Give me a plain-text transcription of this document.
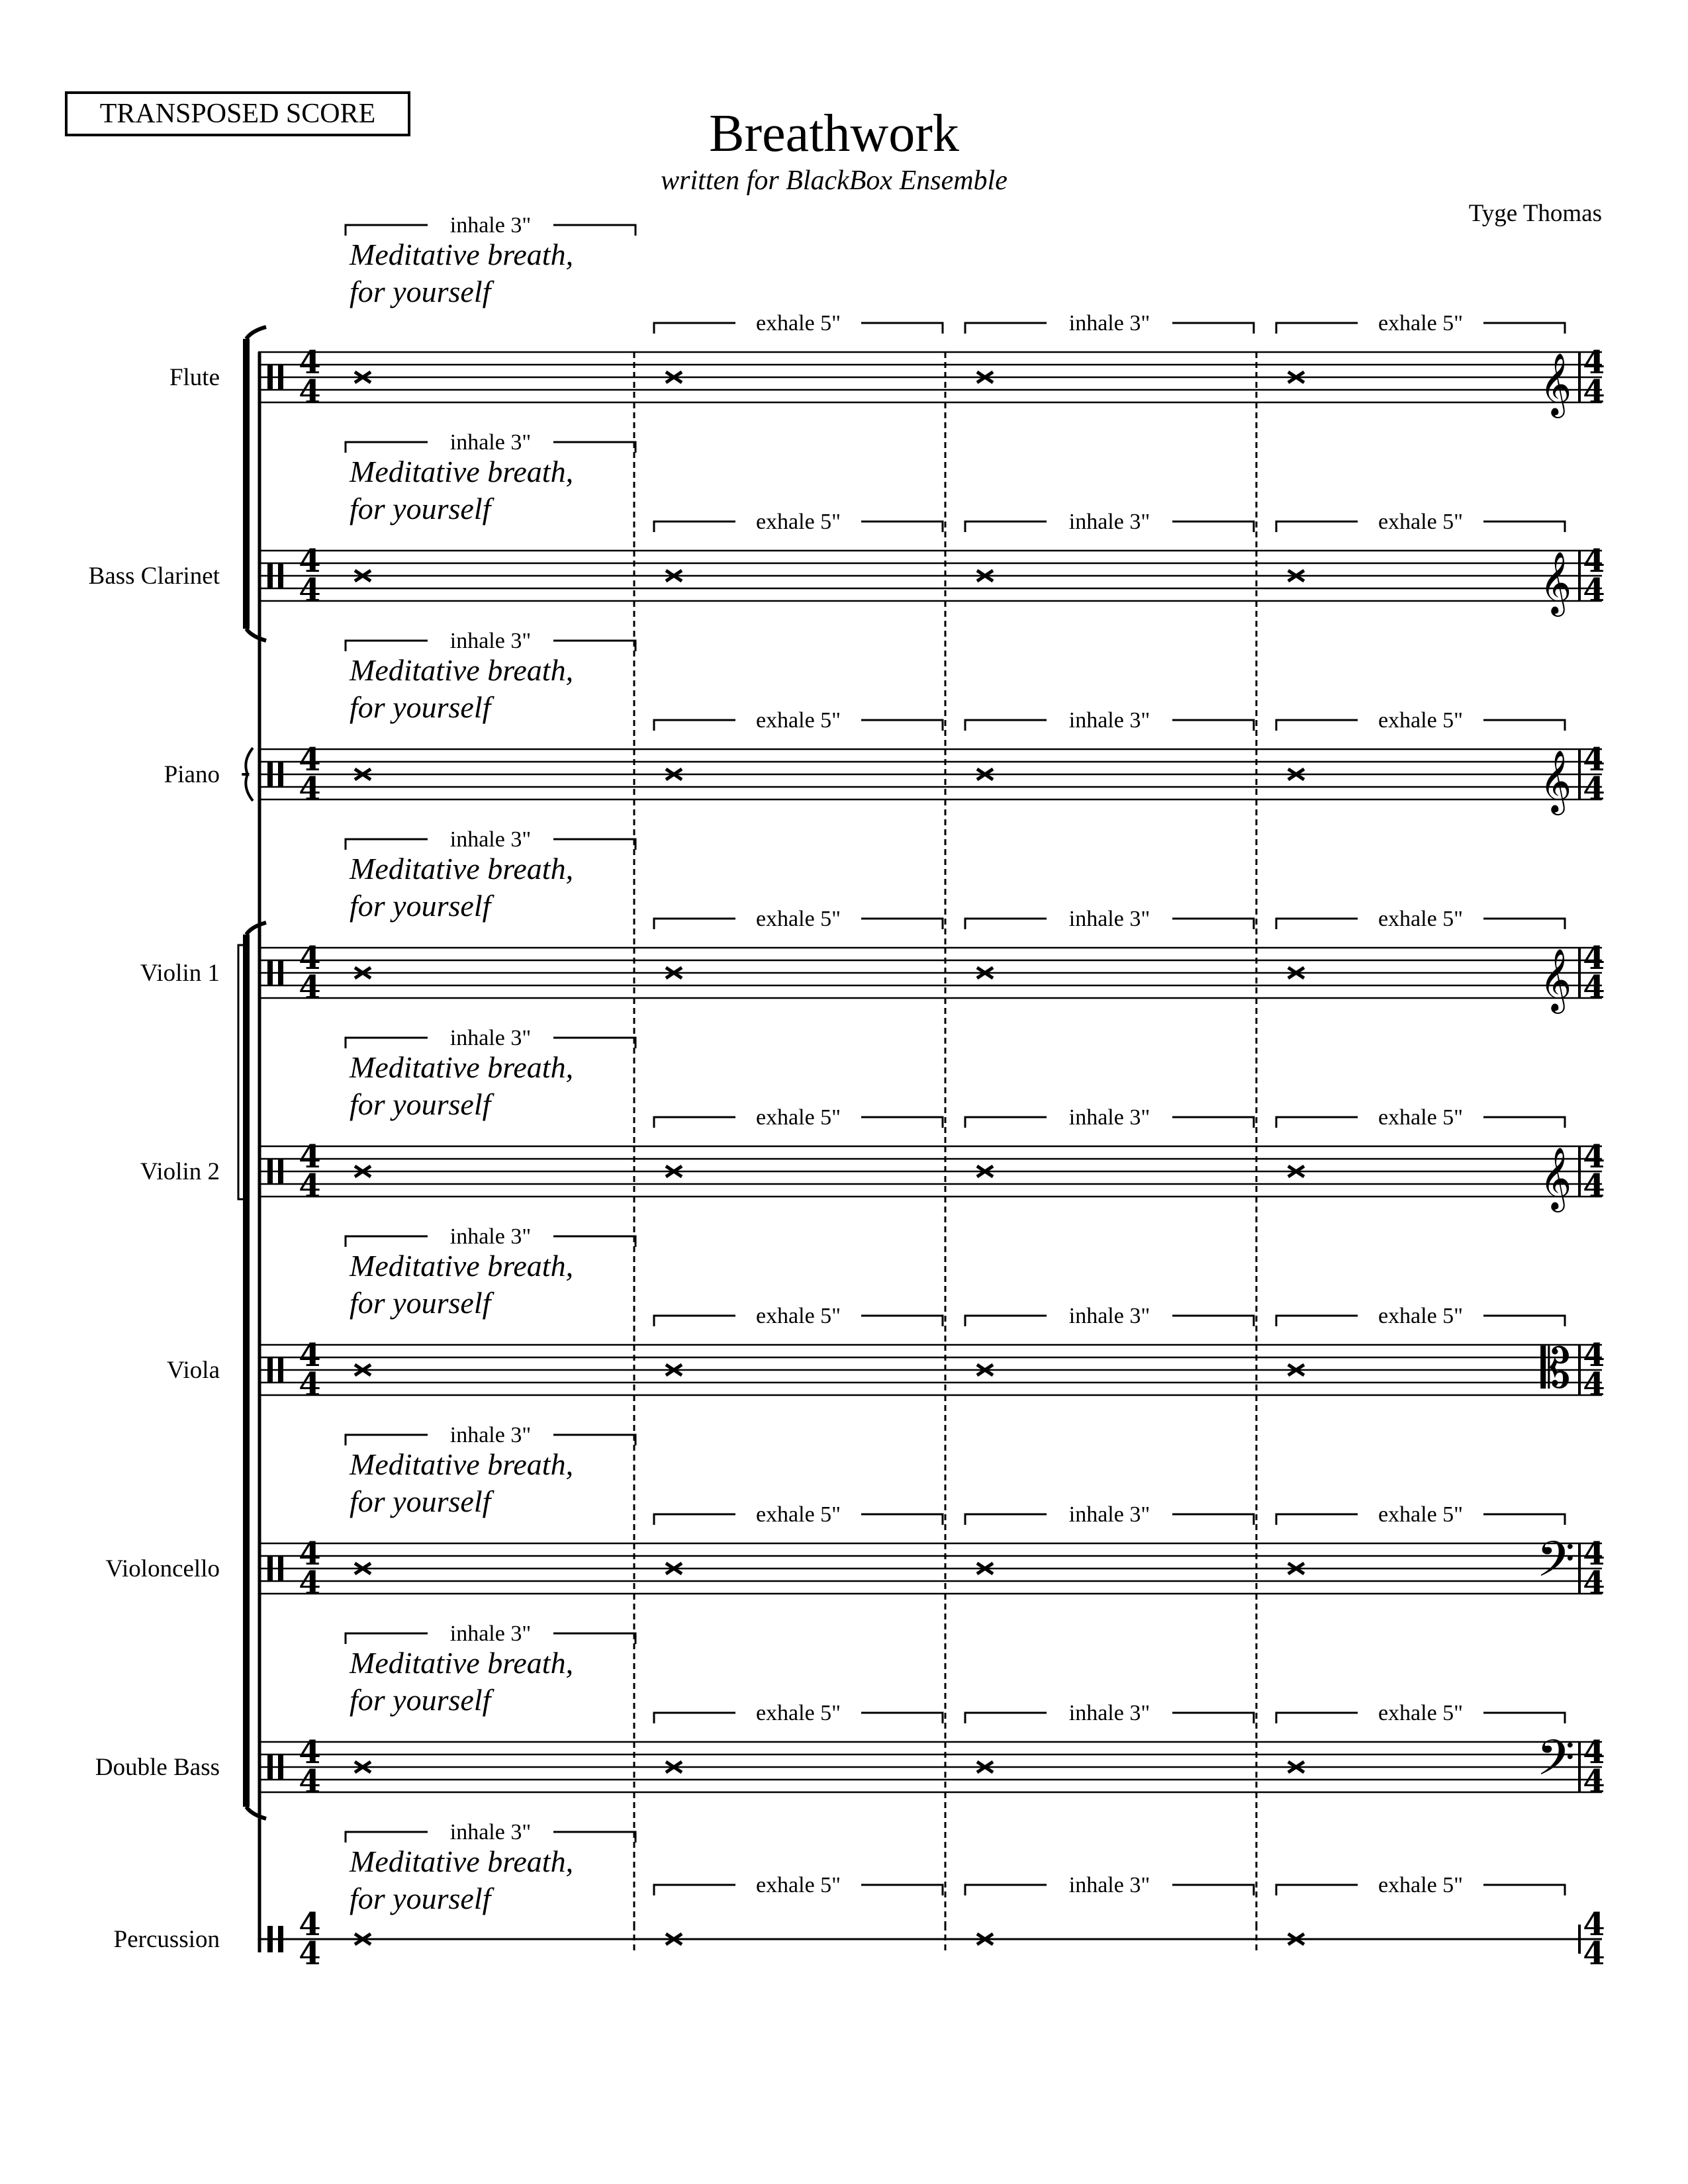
TRANSPOSED SCORE	Breathwork
written for BlackBox Ensemble
Tyge Thomas
Flute 4
4	𝄞 4
4
inhale 3"
Meditative breath,
for yourself
exhale 5"	inhale 3"	exhale 5"
Bass Clarinet 4
4	𝄞 4
4
inhale 3"
Meditative breath,
for yourself	exhale 5"	inhale 3"	exhale 5"
Piano 4
4	𝄞 4
4
inhale 3"
Meditative breath,
for yourself	exhale 5"	inhale 3"	exhale 5"
Violin 1 4
4	𝄞 4
4
inhale 3"
Meditative breath,
for yourself	exhale 5"	inhale 3"	exhale 5"
Violin 2 4
4	𝄞 4
4
inhale 3"
Meditative breath,
for yourself	exhale 5"	inhale 3"	exhale 5"
Viola 4
4	𝄡 4
4
inhale 3"
Meditative breath,
for yourself	exhale 5"	inhale 3"	exhale 5"
Violoncello 4
4	𝄢 4
4
inhale 3"
Meditative breath,
for yourself	exhale 5"	inhale 3"	exhale 5"
Double Bass 4
4	𝄢 4
4
inhale 3"
Meditative breath,
for yourself	exhale 5"	inhale 3"	exhale 5"
Percussion 4
4
4
4
inhale 3"
Meditative breath,
for yourself	exhale 5"	inhale 3"	exhale 5"
